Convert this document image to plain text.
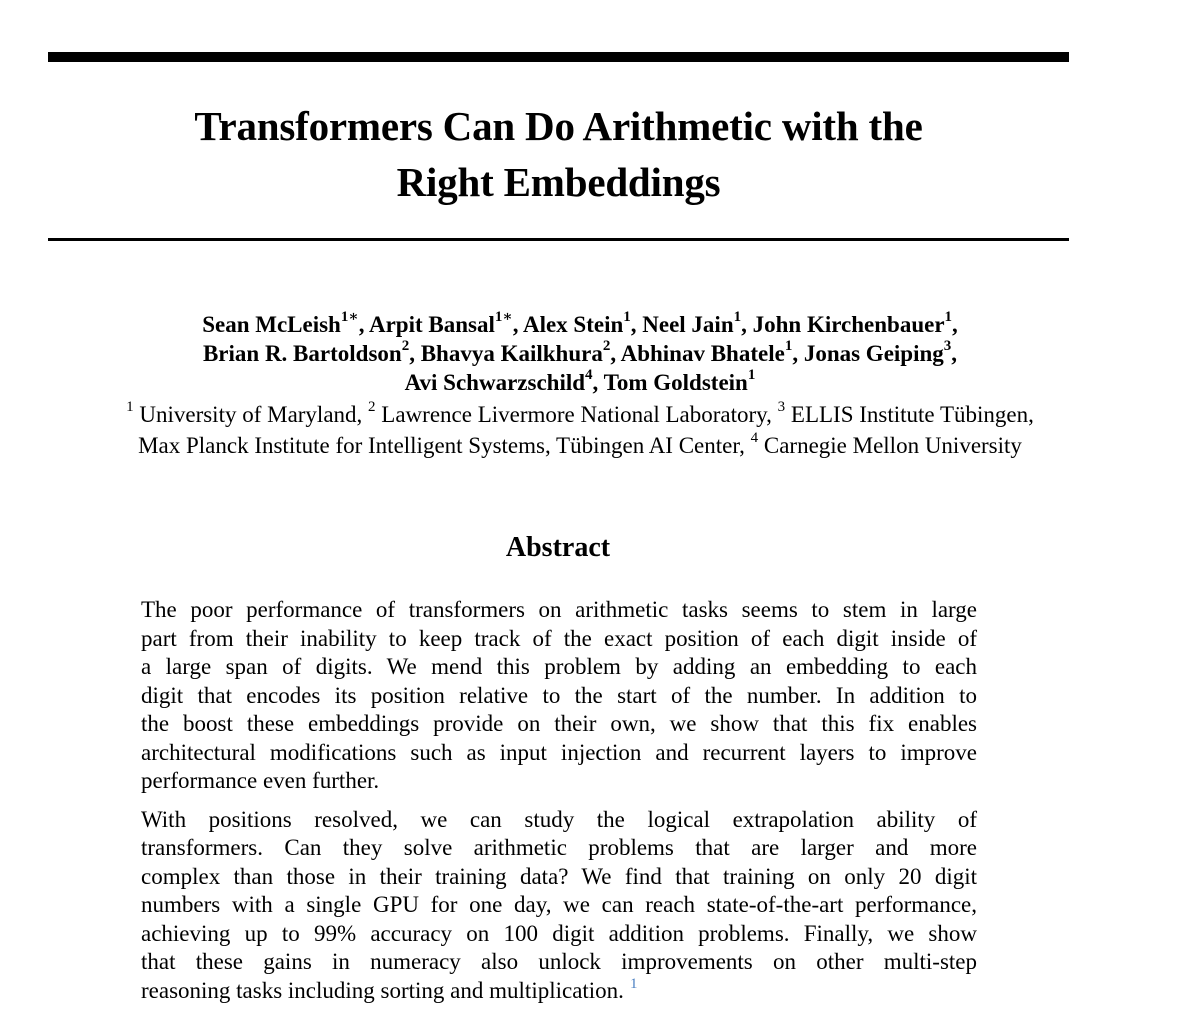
Transformers Can Do Arithmetic with the
Right Embeddings
Sean McLeish$^{1∗}$, Arpit Bansal$^{1∗}$, Alex Stein$^1$, Neel Jain$^1$, John Kirchenbauer$^1$,
Brian R. Bartoldson$^2$, Bhavya Kailkhura$^2$, Abhinav Bhatele$^1$, Jonas Geiping$^3$,
Avi Schwarzschild$^4$, Tom Goldstein$^1$
$^1$ University of Maryland, $^2$ Lawrence Livermore National Laboratory, $^3$ ELLIS Institute Tübingen,
Max Planck Institute for Intelligent Systems, Tübingen AI Center, $^4$ Carnegie Mellon University
Abstract
The poor performance of transformers on arithmetic tasks seems to stem in large
part from their inability to keep track of the exact position of each digit inside of
a large span of digits. We mend this problem by adding an embedding to each
digit that encodes its position relative to the start of the number. In addition to
the boost these embeddings provide on their own, we show that this fix enables
architectural modifications such as input injection and recurrent layers to improve
performance even further.
With positions resolved, we can study the logical extrapolation ability of
transformers. Can they solve arithmetic problems that are larger and more
complex than those in their training data? We find that training on only 20 digit
numbers with a single GPU for one day, we can reach state-of-the-art performance,
achieving up to 99% accuracy on 100 digit addition problems. Finally, we show
that these gains in numeracy also unlock improvements on other multi-step
reasoning tasks including sorting and multiplication. $^1$
